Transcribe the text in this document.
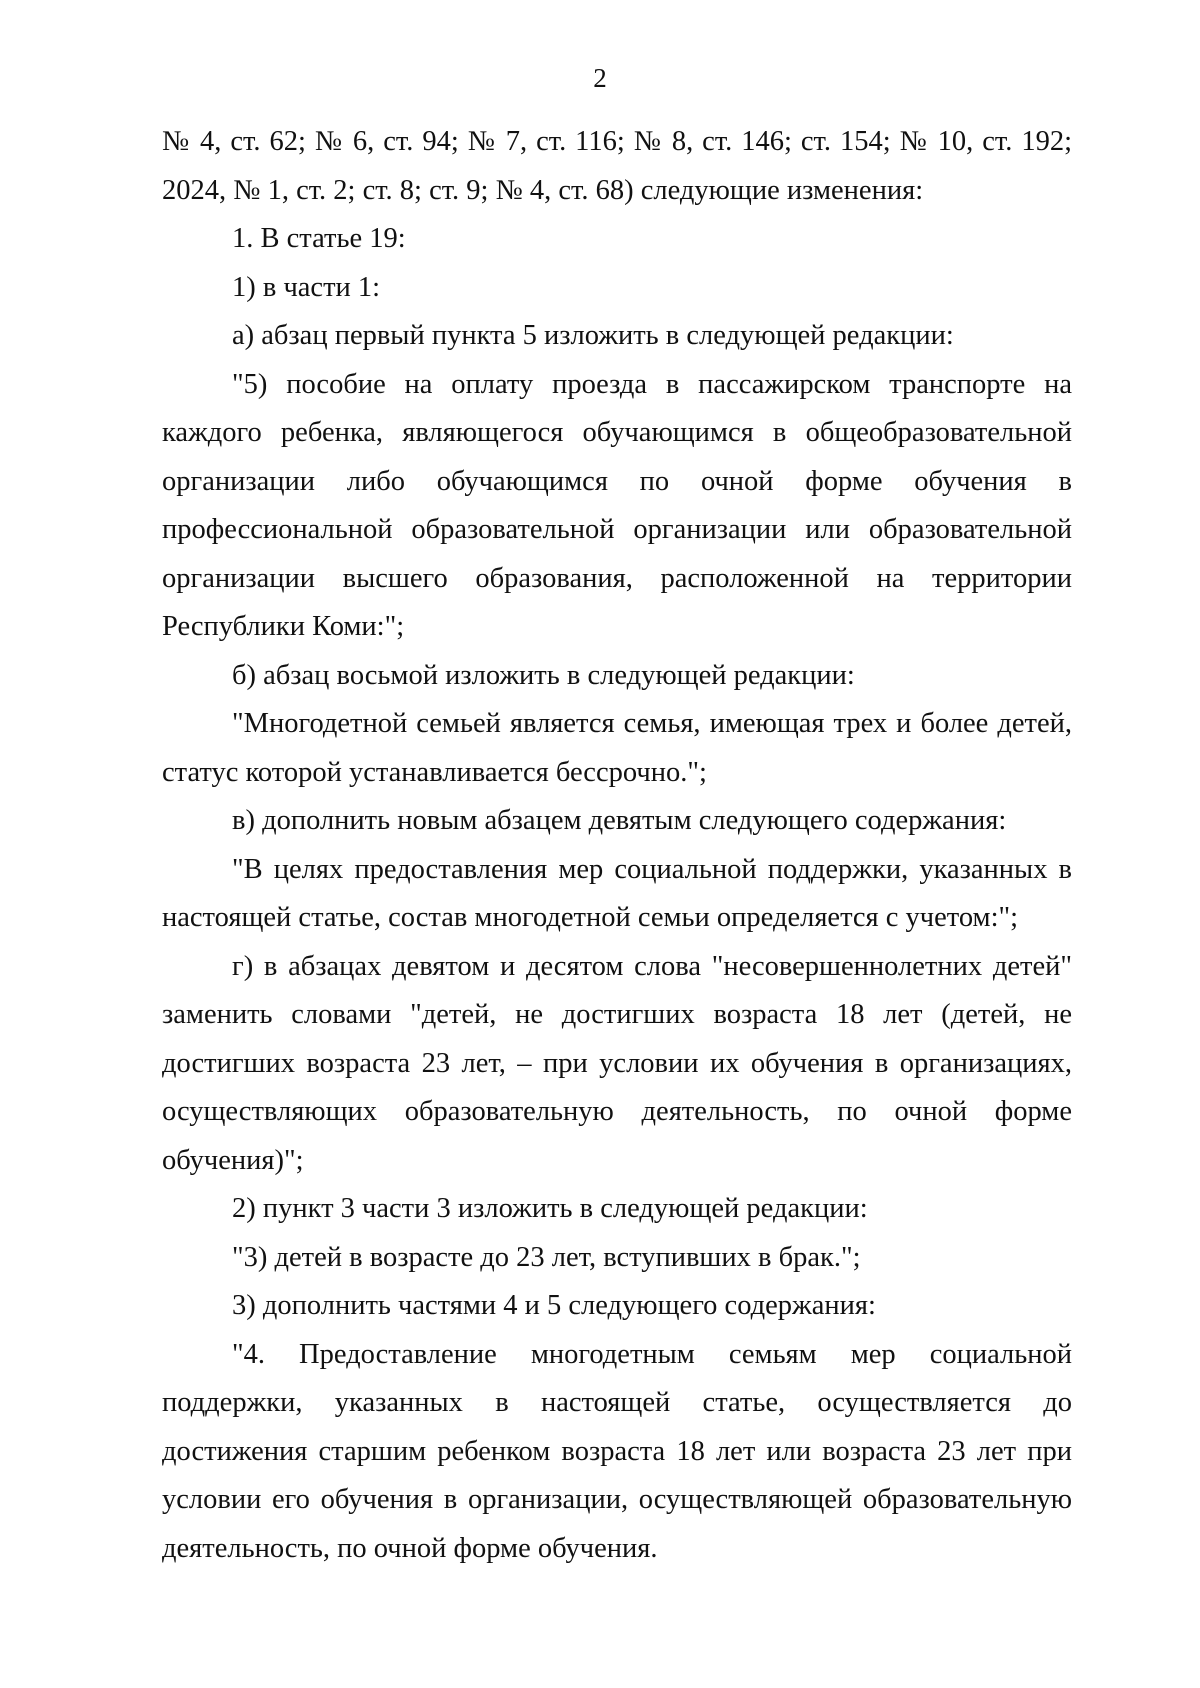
2

№ 4, ст. 62; № 6, ст. 94; № 7, ст. 116; № 8, ст. 146; ст. 154; № 10, ст. 192; 2024, № 1, ст. 2; ст. 8; ст. 9; № 4, ст. 68) следующие изменения:

1. В статье 19:

1) в части 1:

а) абзац первый пункта 5 изложить в следующей редакции:

"5) пособие на оплату проезда в пассажирском транспорте на каждого ребенка, являющегося обучающимся в общеобразовательной организации либо обучающимся по очной форме обучения в профессиональной образовательной организации или образовательной организации высшего образования, расположенной на территории Республики Коми:";

б) абзац восьмой изложить в следующей редакции:

"Многодетной семьей является семья, имеющая трех и более детей, статус которой устанавливается бессрочно.";

в) дополнить новым абзацем девятым следующего содержания:

"В целях предоставления мер социальной поддержки, указанных в настоящей статье, состав многодетной семьи определяется с учетом:";

г) в абзацах девятом и десятом слова "несовершеннолетних детей" заменить словами "детей, не достигших возраста 18 лет (детей, не достигших возраста 23 лет, – при условии их обучения в организациях, осуществляющих образовательную деятельность, по очной форме обучения)";

2) пункт 3 части 3 изложить в следующей редакции:

"3) детей в возрасте до 23 лет, вступивших в брак.";

3) дополнить частями 4 и 5 следующего содержания:

"4. Предоставление многодетным семьям мер социальной поддержки, указанных в настоящей статье, осуществляется до достижения старшим ребенком возраста 18 лет или возраста 23 лет при условии его обучения в организации, осуществляющей образовательную деятельность, по очной форме обучения.
